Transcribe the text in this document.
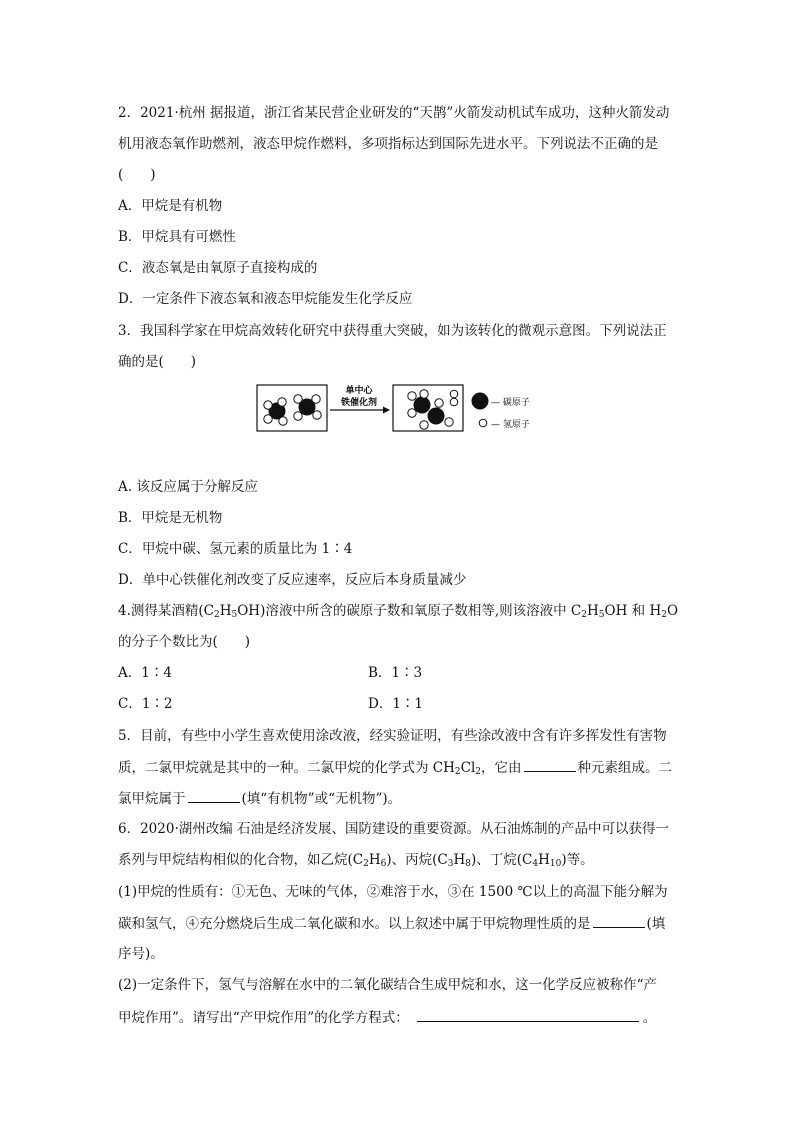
2．2021·杭州 据报道，浙江省某民营企业研发的“天鹊”火箭发动机试车成功，这种火箭发动
机用液态氧作助燃剂，液态甲烷作燃料，多项指标达到国际先进水平。下列说法不正确的是
(　　)
A．甲烷是有机物
B．甲烷具有可燃性
C．液态氧是由氧原子直接构成的
D．一定条件下液态氧和液态甲烷能发生化学反应
3．我国科学家在甲烷高效转化研究中获得重大突破，如为该转化的微观示意图。下列说法正
确的是(　　)
单中心
铁催化剂	— 碳原子
— 氢原子
A. 该反应属于分解反应
B．甲烷是无机物
C．甲烷中碳、氢元素的质量比为 1∶4
D．单中心铁催化剂改变了反应速率，反应后本身质量减少
4.测得某酒精$(C_2H_5OH)$溶液中所含的碳原子数和氧原子数相等,则该溶液中 $C_2H_5OH$ 和 $H_2O$
的分子个数比为(　　)
A．1∶4	B．1∶3
C．1∶2	D．1∶1
5．目前，有些中小学生喜欢使用涂改液，经实验证明，有些涂改液中含有许多挥发性有害物
质，二氯甲烷就是其中的一种。二氯甲烷的化学式为 $CH_2Cl_2$，它由	种元素组成。二
氯甲烷属于	(填“有机物”或“无机物”)。
6．2020·湖州改编 石油是经济发展、国防建设的重要资源。从石油炼制的产品中可以获得一
系列与甲烷结构相似的化合物，如乙烷$(C_2H_6)$、丙烷$(C_3H_8)$、丁烷$(C_4H_{10})$等。
(1)甲烷的性质有：①无色、无味的气体，②难溶于水，③在 1500 ℃以上的高温下能分解为
碳和氢气，④充分燃烧后生成二氧化碳和水。以上叙述中属于甲烷物理性质的是	(填
序号)。
(2)一定条件下，氢气与溶解在水中的二氧化碳结合生成甲烷和水，这一化学反应被称作“产
甲烷作用”。请写出“产甲烷作用”的化学方程式：	。
